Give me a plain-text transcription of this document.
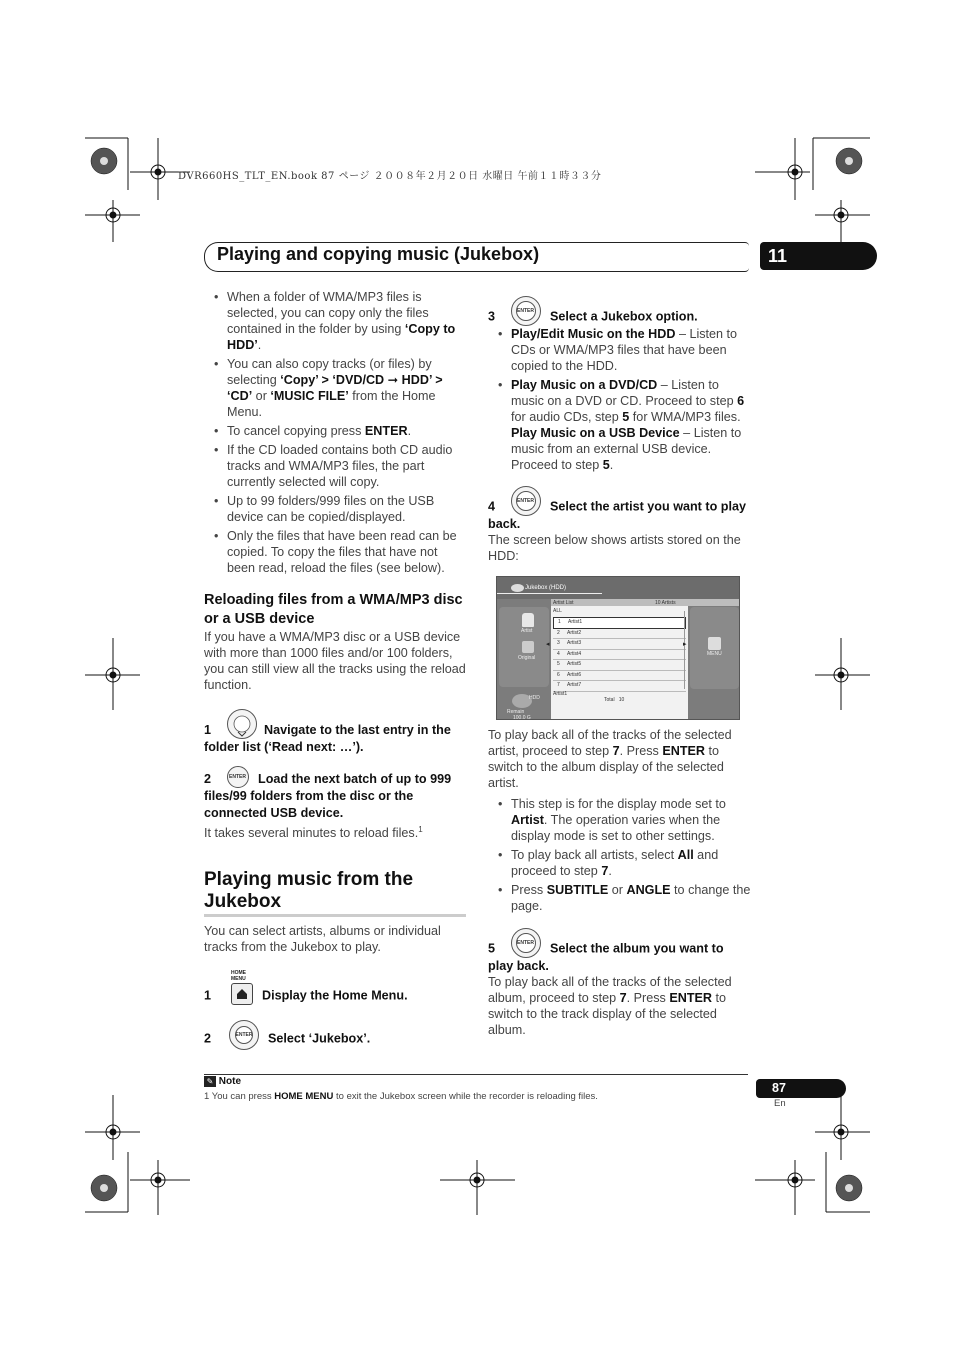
DVR660HS_TLT_EN.book 87 ページ ２００８年２月２０日 水曜日 午前１１時３３分
Playing and copying music (Jukebox)	11
• When a folder of WMA/MP3 files is selected, you can copy only the files contained in the folder by using ‘Copy to HDD’.
• You can also copy tracks (or files) by selecting ‘Copy’ > ‘DVD/CD ➞ HDD’ > ‘CD’ or ‘MUSIC FILE’ from the Home Menu.
• To cancel copying press ENTER.
• If the CD loaded contains both CD audio tracks and WMA/MP3 files, the part currently selected will copy.
• Up to 99 folders/999 files on the USB device can be copied/displayed.
• Only the files that have been read can be copied. To copy the files that have not been read, reload the files (see below).
Reloading files from a WMA/MP3 disc or a USB device
If you have a WMA/MP3 disc or a USB device with more than 1000 files and/or 100 folders, you can still view all the tracks using the reload function.
1	Navigate to the last entry in the folder list (‘Read next: …’).
2	ENTER Load the next batch of up to 999 files/99 folders from the disc or the connected USB device.
It takes several minutes to reload files.$^1$
Playing music from the Jukebox
You can select artists, albums or individual tracks from the Jukebox to play.
HOME MENU
1	Display the Home Menu.
2	ENTER Select ‘Jukebox’.
3	ENTER Select a Jukebox option.
• Play/Edit Music on the HDD – Listen to CDs or WMA/MP3 files that have been copied to the HDD.
• Play Music on a DVD/CD – Listen to music on a DVD or CD. Proceed to step 6 for audio CDs, step 5 for WMA/MP3 files.
Play Music on a USB Device – Listen to music from an external USB device. Proceed to step 5.
4	ENTER Select the artist you want to play back.
The screen below shows artists stored on the HDD:
Jukebox (HDD)
Artist
Original
HDD
Remain
100.0 G
Artist List	10 Artists
ALL
1 Artist1
2 Artist2
3 Artist3
4 Artist4
5 Artist5
6 Artist6
7 Artist7
Artist1
Total   10
MENU
◂	▸
To play back all of the tracks of the selected artist, proceed to step 7. Press ENTER to switch to the album display of the selected artist.
• This step is for the display mode set to Artist. The operation varies when the display mode is set to other settings.
• To play back all artists, select All and proceed to step 7.
• Press SUBTITLE or ANGLE to change the page.
5	ENTER Select the album you want to play back.
To play back all of the tracks of the selected album, proceed to step 7. Press ENTER to switch to the track display of the selected album.
✎ Note
1 You can press HOME MENU to exit the Jukebox screen while the recorder is reloading files.
87
En
